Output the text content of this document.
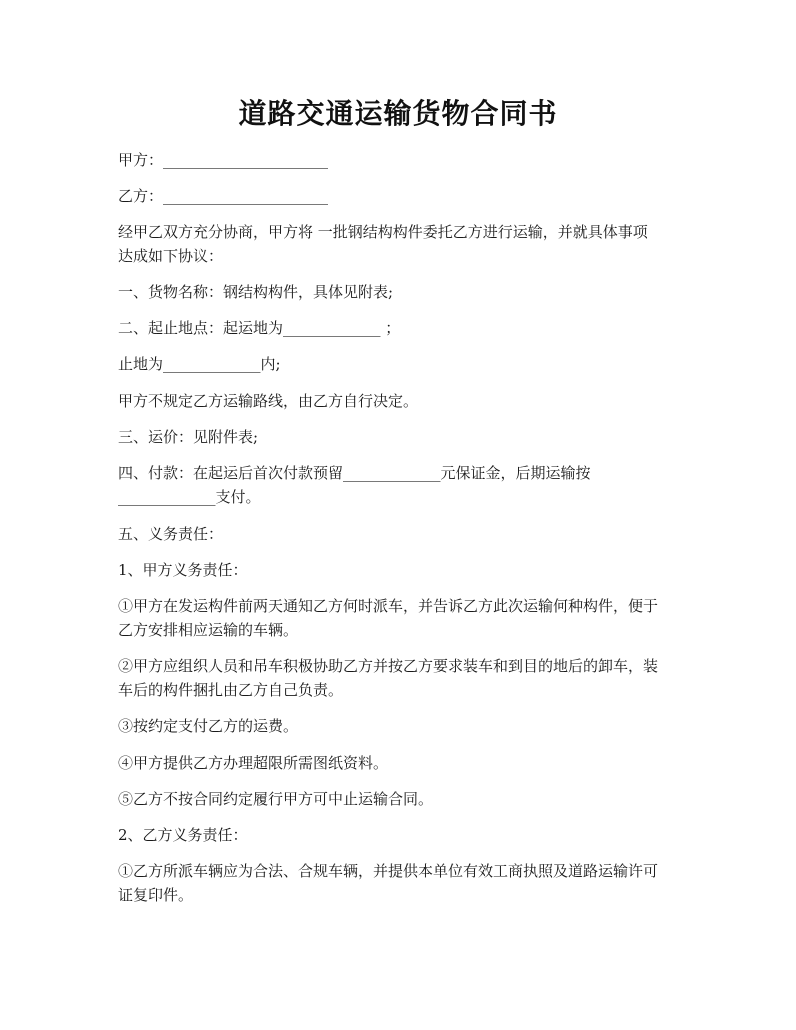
道路交通运输货物合同书

甲方：______________________

乙方：______________________

经甲乙双方充分协商，甲方将 一批钢结构构件委托乙方进行运输，并就具体事项
达成如下协议：

一、货物名称：钢结构构件，具体见附表;

二、起止地点：起运地为_____________ ；

止地为_____________内;

甲方不规定乙方运输路线，由乙方自行决定。

三、运价：见附件表;

四、付款：在起运后首次付款预留_____________元保证金，后期运输按
_____________支付。

五、义务责任：

1、甲方义务责任：

①甲方在发运构件前两天通知乙方何时派车，并告诉乙方此次运输何种构件，便于
乙方安排相应运输的车辆。

②甲方应组织人员和吊车积极协助乙方并按乙方要求装车和到目的地后的卸车，装
车后的构件捆扎由乙方自己负责。

③按约定支付乙方的运费。

④甲方提供乙方办理超限所需图纸资料。

⑤乙方不按合同约定履行甲方可中止运输合同。

2、乙方义务责任：

①乙方所派车辆应为合法、合规车辆，并提供本单位有效工商执照及道路运输许可
证复印件。
